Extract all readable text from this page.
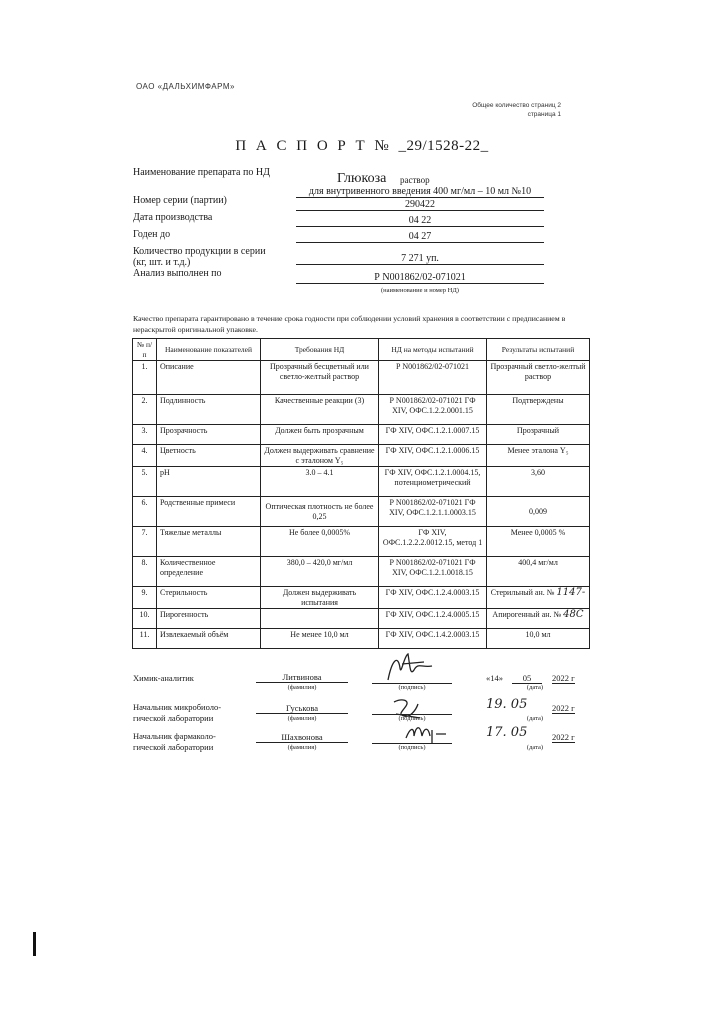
ОАО «ДАЛЬХИМФАРМ»
Общее количество страниц 2
страница 1
П А С П О Р Т № _29/1528-22_
Наименование препарата по НД	Глюкоза раствор
для внутривенного введения 400 мг/мл – 10 мл №10
Номер серии (партии)	290422
Дата производства	04 22
Годен до	04 27
Количество продукции в серии
(кг, шт. и т.д.)	7 271 уп.
Анализ выполнен по	Р N001862/02-071021
(наименование и номер НД)
Качество препарата гарантировано в течение срока годности при соблюдении условий хранения в соответствии с предписанием в нераскрытой оригинальной упаковке.
№ п/п	Наименование показателей	Требования НД	НД на методы испытаний	Результаты испытаний
1.	Описание	Прозрачный бесцветный или светло-желтый раствор	Р N001862/02-071021	Прозрачный светло-желтый раствор
2.	Подлинность	Качественные реакции (3)	Р N001862/02-071021 ГФ XIV, ОФС.1.2.2.0001.15	Подтверждены
3.	Прозрачность	Должен быть прозрачным	ГФ XIV, ОФС.1.2.1.0007.15	Прозрачный
4.	Цветность	Должен выдерживать сравнение с эталоном Y₅	ГФ XIV, ОФС.1.2.1.0006.15	Менее эталона Y₅
5.	pH	3.0 – 4.1	ГФ XIV, ОФС.1.2.1.0004.15, потенциометрический	3,60
6.	Родственные примеси	Оптическая плотность не более 0,25	Р N001862/02-071021 ГФ XIV, ОФС.1.2.1.1.0003.15	0,009
7.	Тяжелые металлы	Не более 0,0005%	ГФ XIV, ОФС.1.2.2.2.0012.15, метод 1	Менее 0,0005 %
8.	Количественное определение	380,0 – 420,0 мг/мл	Р N001862/02-071021 ГФ XIV, ОФС.1.2.1.0018.15	400,4 мг/мл
9.	Стерильность	Должен выдерживать испытания	ГФ XIV, ОФС.1.2.4.0003.15	Стерильный ан. № 1147-
10.	Пирогенность		ГФ XIV, ОФС.1.2.4.0005.15	Апирогенный ан. № 48С
11.	Извлекаемый объём	Не менее 10,0 мл	ГФ XIV, ОФС.1.4.2.0003.15	10,0 мл
Химик-аналитик	Литвинова
(фамилия)	(подпись)
«14»	05	2022 г
(дата)
Начальник микробиоло-гической лаборатории
Гуськова
(фамилия)	(подпись)
19. 05	2022 г
(дата)
Начальник фармаколо-гической лаборатории
Шахвонова
(фамилия)	(подпись)
17. 05	2022 г
(дата)
